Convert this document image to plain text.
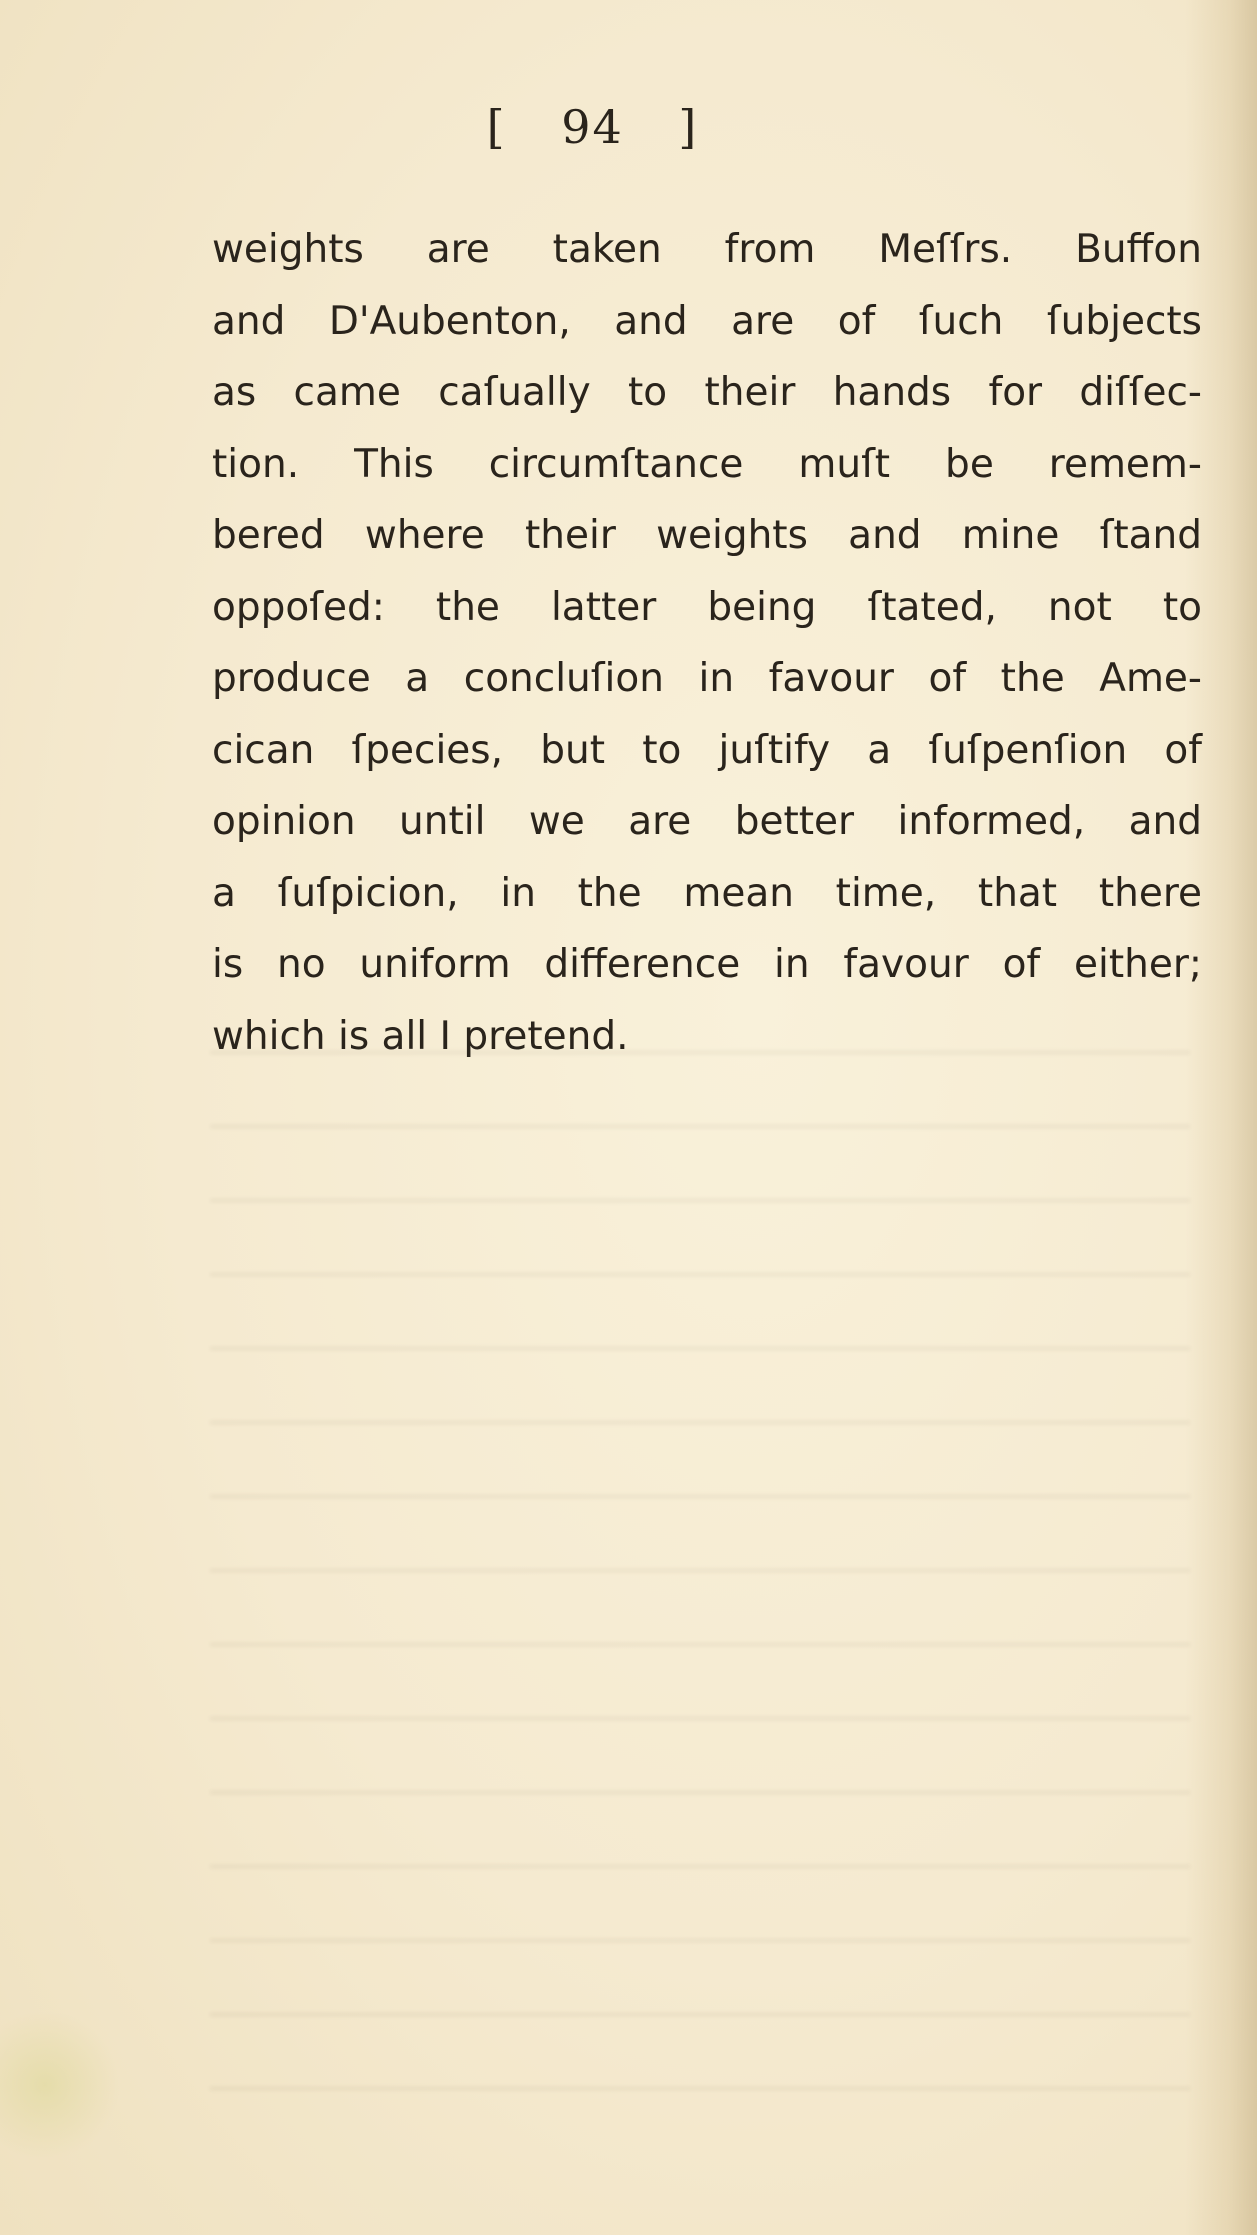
[ 94 ]
weights are taken from Meſſrs. Buffon
and D'Aubenton, and are of ſuch ſubjects
as came caſually to their hands for diſſec-
tion. This circumſtance muſt be remem-
bered where their weights and mine ſtand
oppoſed: the latter being ſtated, not to
produce a concluſion in favour of the Ame-
cican ſpecies, but to juſtify a ſuſpenſion of
opinion until we are better informed, and
a ſuſpicion, in the mean time, that there
is no uniform difference in favour of either;
which is all I pretend.
